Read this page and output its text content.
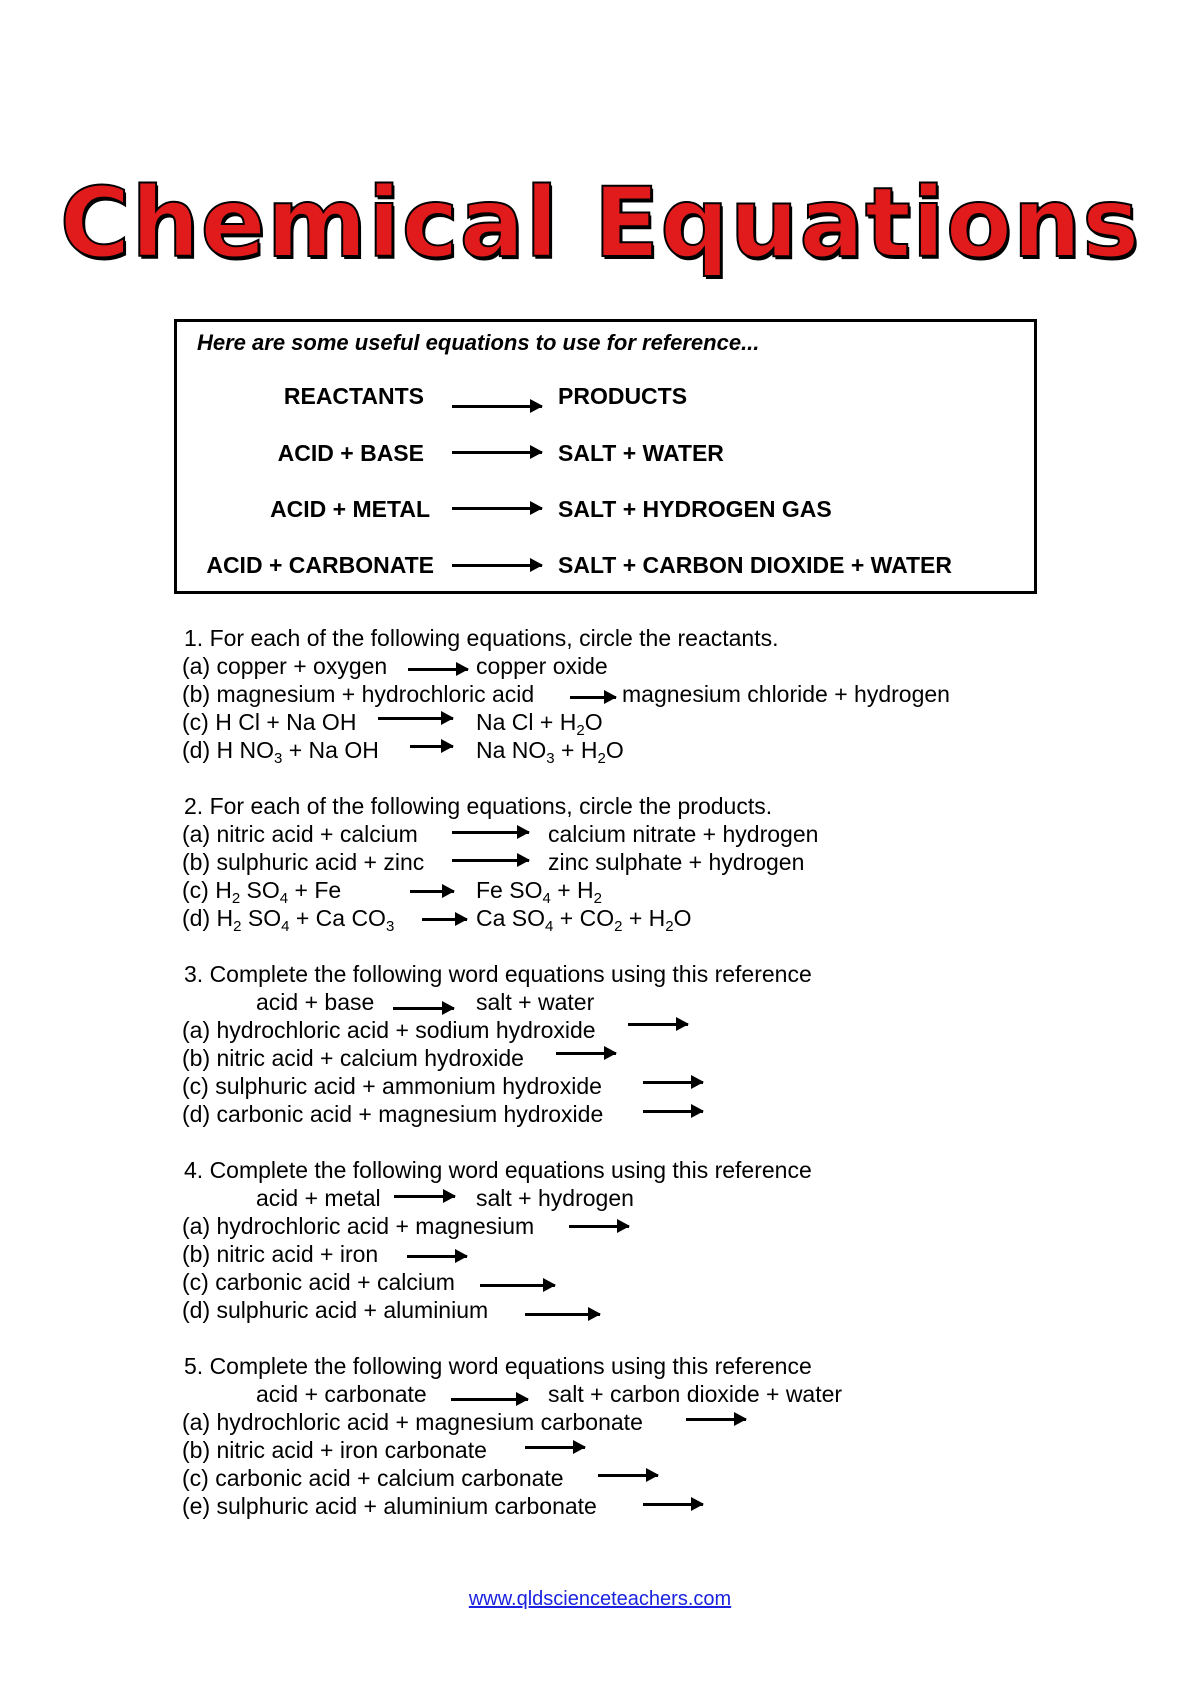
Chemical Equations
Here are some useful equations to use for reference...
REACTANTS	PRODUCTS
ACID + BASE	SALT + WATER
ACID + METAL	SALT + HYDROGEN GAS
ACID + CARBONATE	SALT + CARBON DIOXIDE + WATER
1. For each of the following equations, circle the reactants.
(a) copper + oxygen	copper oxide
(b) magnesium + hydrochloric acid	magnesium chloride + hydrogen
(c) H Cl + Na OH	Na $Cl + H_2O$
(d) H $NO_3 + Na$ OH	Na $NO_3 + H_2O$
2. For each of the following equations, circle the products.
(a) nitric acid + calcium	calcium nitrate + hydrogen
(b) sulphuric acid + zinc	zinc sulphate + hydrogen
(c) $H_2$ $SO_4 + Fe$	Fe $SO_4 + H_2$
(d) $H_2$ $SO_4 + Ca$ $CO_3$	Ca $SO_4 + CO_2 + H_2O$
3. Complete the following word equations using this reference
acid + base	salt + water
(a) hydrochloric acid + sodium hydroxide
(b) nitric acid + calcium hydroxide
(c) sulphuric acid + ammonium hydroxide
(d) carbonic acid + magnesium hydroxide
4. Complete the following word equations using this reference
acid + metal	salt + hydrogen
(a) hydrochloric acid + magnesium
(b) nitric acid + iron
(c) carbonic acid + calcium
(d) sulphuric acid + aluminium
5. Complete the following word equations using this reference
acid + carbonate	salt + carbon dioxide + water
(a) hydrochloric acid + magnesium carbonate
(b) nitric acid + iron carbonate
(c) carbonic acid + calcium carbonate
(e) sulphuric acid + aluminium carbonate
www.qldscienceteachers.com
